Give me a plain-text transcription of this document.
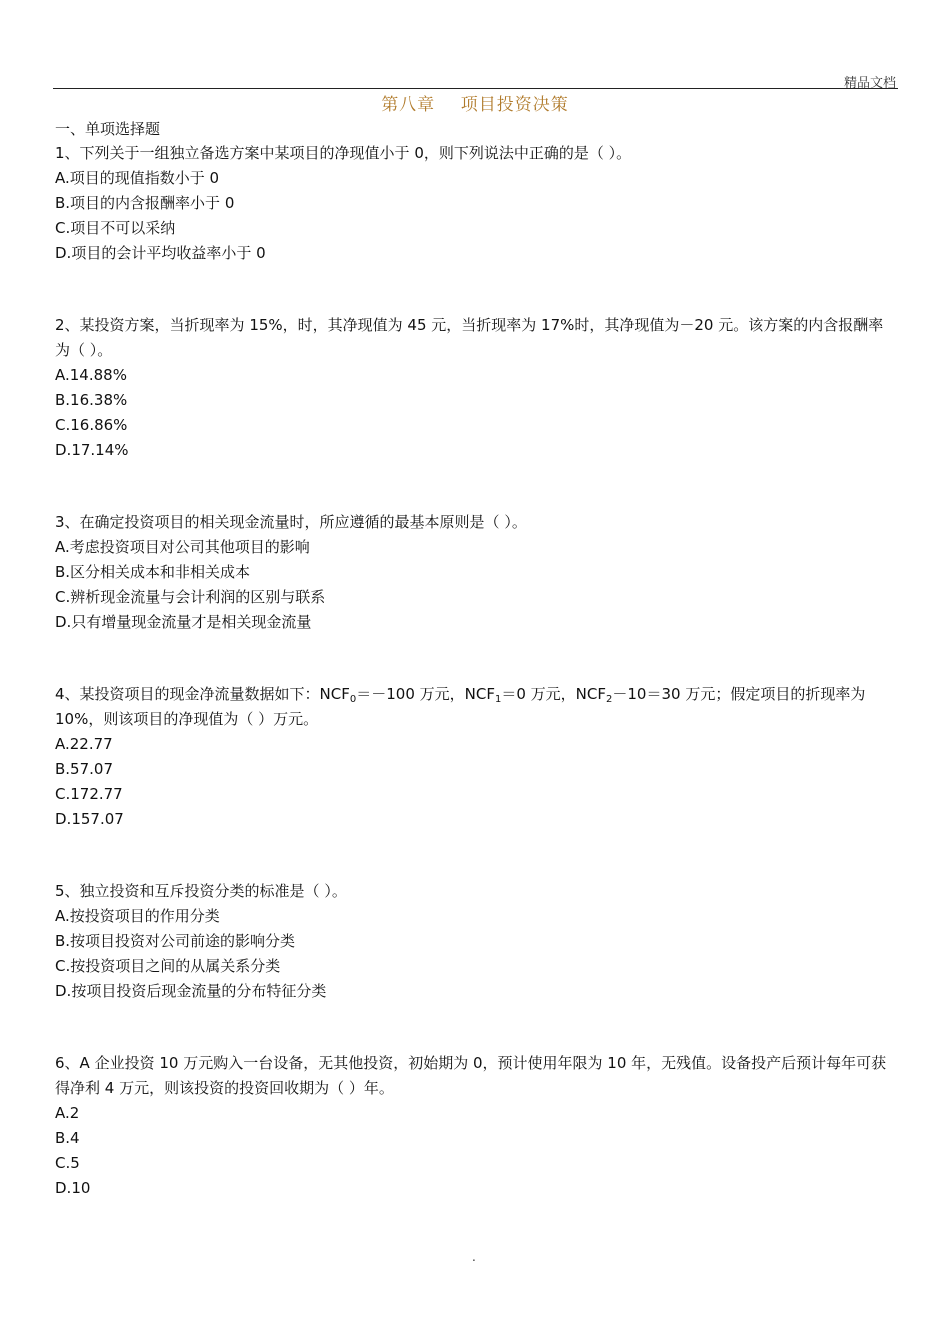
精品文档
第八章    项目投资决策
一、单项选择题
1、下列关于一组独立备选方案中某项目的净现值小于 0，则下列说法中正确的是（ ）。
A.项目的现值指数小于 0
B.项目的内含报酬率小于 0
C.项目不可以采纳
D.项目的会计平均收益率小于 0
2、某投资方案，当折现率为 15%，时，其净现值为 45 元，当折现率为 17%时，其净现值为－20 元。该方案的内含报酬率为（ ）。
A.14.88%
B.16.38%
C.16.86%
D.17.14%
3、在确定投资项目的相关现金流量时，所应遵循的最基本原则是（ ）。
A.考虑投资项目对公司其他项目的影响
B.区分相关成本和非相关成本
C.辨析现金流量与会计利润的区别与联系
D.只有增量现金流量才是相关现金流量
4、某投资项目的现金净流量数据如下：$NCF_0=-100$ 万元，$NCF_1=0$ 万元，$NCF_2-10=30$ 万元；假定项目的折现率为 10%，则该项目的净现值为（ ）万元。
A.22.77
B.57.07
C.172.77
D.157.07
5、独立投资和互斥投资分类的标准是（ ）。
A.按投资项目的作用分类
B.按项目投资对公司前途的影响分类
C.按投资项目之间的从属关系分类
D.按项目投资后现金流量的分布特征分类
6、A 企业投资 10 万元购入一台设备，无其他投资，初始期为 0，预计使用年限为 10 年，无残值。设备投产后预计每年可获得净利 4 万元，则该投资的投资回收期为（ ）年。
A.2
B.4
C.5
D.10
.
